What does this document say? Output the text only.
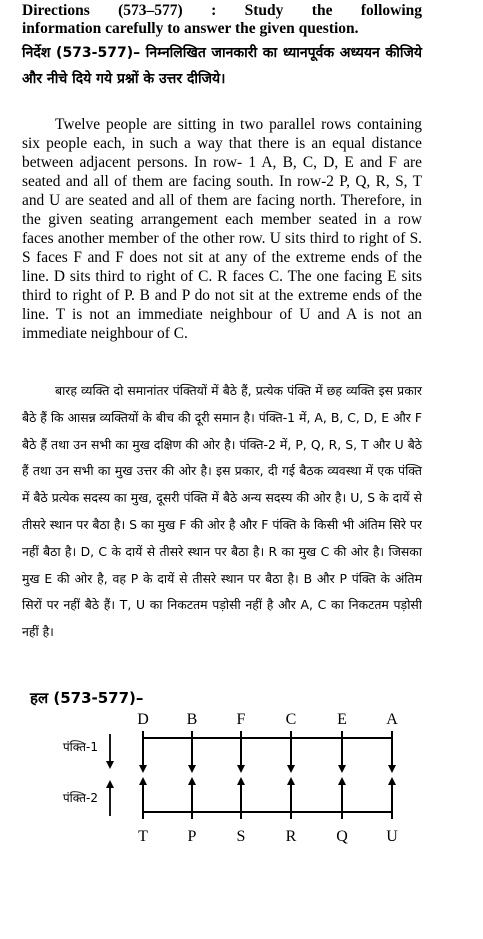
Directions (573–577) : Study the following
information carefully to answer the given question.
निर्देश (573-577)– निम्नलिखित जानकारी का ध्यानपूर्वक अध्ययन कीजिये और नीचे दिये गये प्रश्नों के उत्तर दीजिये।
Twelve people are sitting in two parallel rows containing six people each, in such a way that there is an equal distance between adjacent persons. In row- 1 A, B, C, D, E and F are seated and all of them are facing south. In row-2 P, Q, R, S, T and U are seated and all of them are facing north. Therefore, in the given seating arrangement each member seated in a row faces another member of the other row. U sits third to right of S. S faces F and F does not sit at any of the extreme ends of the line. D sits third to right of C. R faces C. The one facing E sits third to right of P. B and P do not sit at the extreme ends of the line. T is not an immediate neighbour of U and A is not an immediate neighbour of C.
बारह व्यक्ति दो समानांतर पंक्तियों में बैठे हैं, प्रत्येक पंक्ति में छह व्यक्ति इस प्रकार बैठे हैं कि आसन्न व्यक्तियों के बीच की दूरी समान है। पंक्ति-1 में, A, B, C, D, E और F बैठे हैं तथा उन सभी का मुख दक्षिण की ओर है। पंक्ति-2 में, P, Q, R, S, T और U बैठे हैं तथा उन सभी का मुख उत्तर की ओर है। इस प्रकार, दी गई बैठक व्यवस्था में एक पंक्ति में बैठे प्रत्येक सदस्य का मुख, दूसरी पंक्ति में बैठे अन्य सदस्य की ओर है। U, S के दायें से तीसरे स्थान पर बैठा है। S का मुख F की ओर है और F पंक्ति के किसी भी अंतिम सिरे पर नहीं बैठा है। D, C के दायें से तीसरे स्थान पर बैठा है। R का मुख C की ओर है। जिसका मुख E की ओर है, वह P के दायें से तीसरे स्थान पर बैठा है। B और P पंक्ति के अंतिम सिरों पर नहीं बैठे हैं। T, U का निकटतम पड़ोसी नहीं है और A, C का निकटतम पड़ोसी नहीं है।
हल (573-577)–
D B F	C	E A
T P	S	R Q U
पंक्ति-1
पंक्ति-2
